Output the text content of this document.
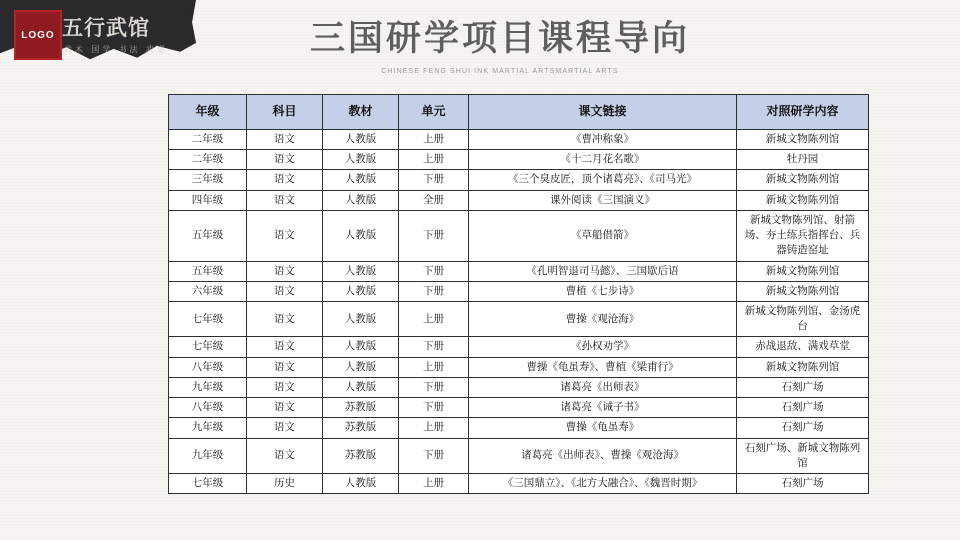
LOGO 五行武馆
武术 国学 书法 武道	三国研学项目课程导向
CHINESE FENG SHUI INK MARTIAL ARTSMARTIAL ARTS
年级	科目	教材	单元	课文链接	对照研学内容
二年级	语文	人教版	上册	《曹冲称象》	新城文物陈列馆
二年级	语文	人教版	上册	《十二月花名歌》	牡丹园
三年级	语文	人教版	下册	《三个臭皮匠，顶个诸葛亮》、《司马光》	新城文物陈列馆
四年级	语文	人教版	全册	课外阅读《三国演义》	新城文物陈列馆
五年级	语文	人教版	下册	《草船借箭》	新城文物陈列馆、射箭场、夯土练兵指挥台、兵器铸造窑址
五年级	语文	人教版	下册	《孔明智退司马懿》、三国歇后语	新城文物陈列馆
六年级	语文	人教版	下册	曹植《七步诗》	新城文物陈列馆
七年级	语文	人教版	上册	曹操《观沧海》	新城文物陈列馆、金汤虎台
七年级	语文	人教版	下册	《孙权劝学》	赤战退敌、满戏草堂
八年级	语文	人教版	上册	曹操《龟虽寿》、曹植《梁甫行》	新城文物陈列馆
九年级	语文	人教版	下册	诸葛亮《出师表》	石刻广场
八年级	语文	苏教版	下册	诸葛亮《诫子书》	石刻广场
九年级	语文	苏教版	上册	曹操《龟虽寿》	石刻广场
九年级	语文	苏教版	下册	诸葛亮《出师表》、曹操《观沧海》	石刻广场、新城文物陈列馆
七年级	历史	人教版	上册	《三国鼎立》、《北方大融合》、《魏晋时期》	石刻广场
